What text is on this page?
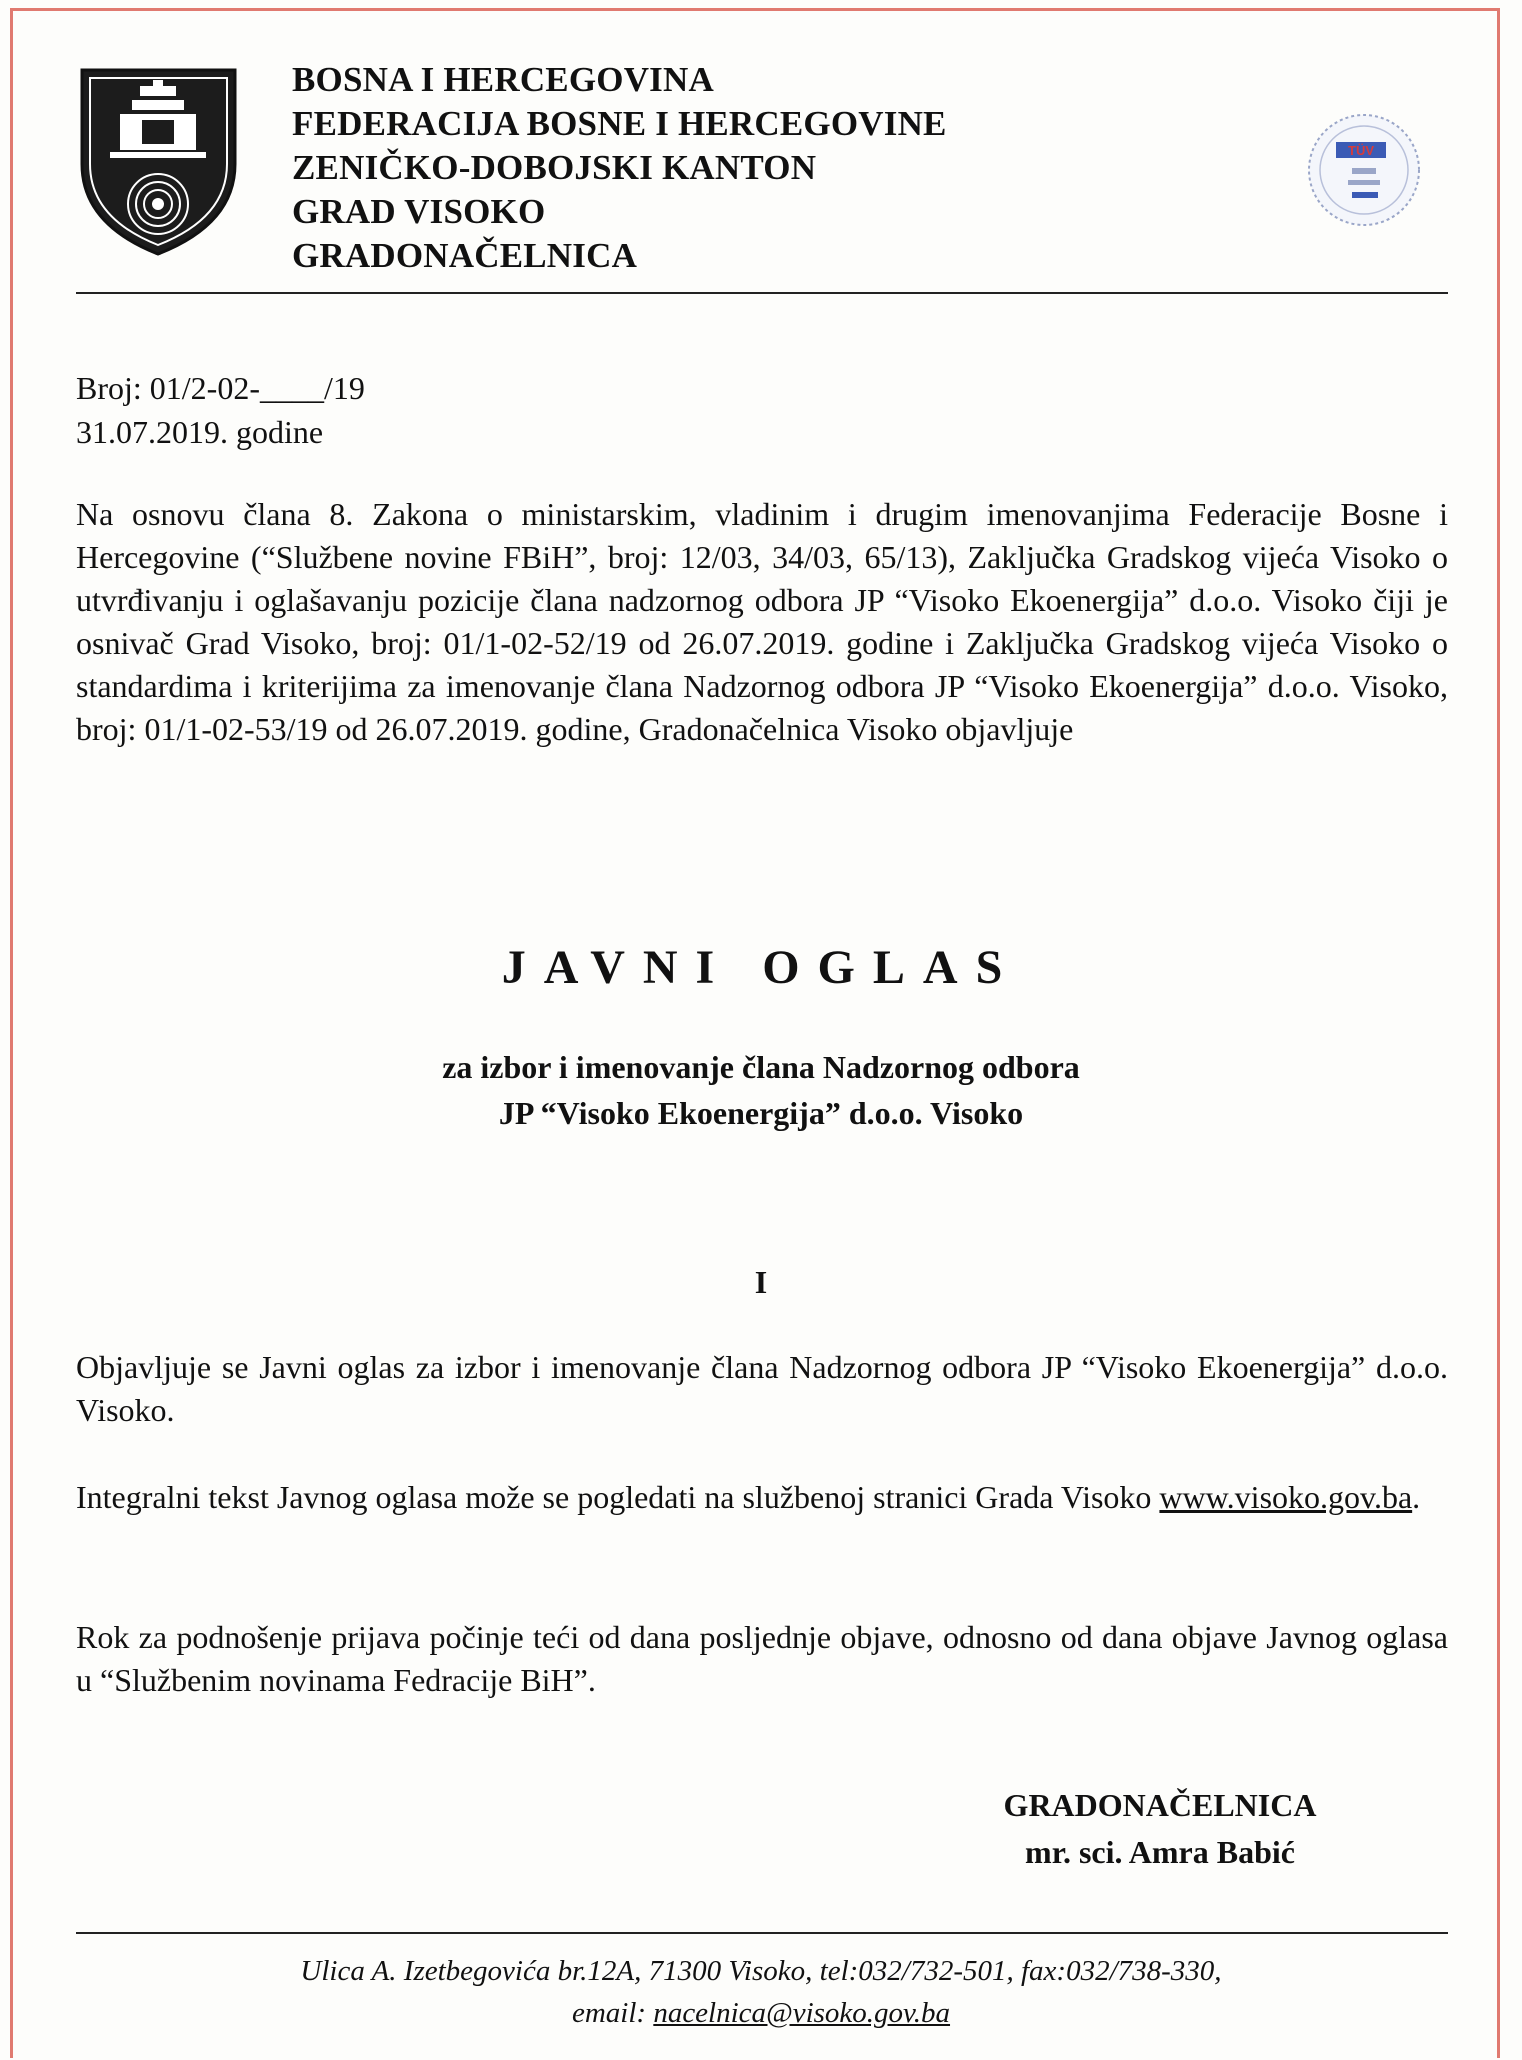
BOSNA I HERCEGOVINA
FEDERACIJA BOSNE I HERCEGOVINE
ZENIČKO-DOBOJSKI KANTON
GRAD VISOKO
GRADONAČELNICA
TÜV
Broj: 01/2-02-____/19
31.07.2019. godine
Na osnovu člana 8. Zakona o ministarskim, vladinim i drugim imenovanjima Federacije Bosne i Hercegovine (“Službene novine FBiH”, broj: 12/03, 34/03, 65/13), Zaključka Gradskog vijeća Visoko o utvrđivanju i oglašavanju pozicije člana nadzornog odbora JP “Visoko Ekoenergija” d.o.o. Visoko čiji je osnivač Grad Visoko, broj: 01/1-02-52/19 od 26.07.2019. godine i Zaključka Gradskog vijeća Visoko o standardima i kriterijima za imenovanje člana Nadzornog odbora JP “Visoko Ekoenergija” d.o.o. Visoko, broj: 01/1-02-53/19 od 26.07.2019. godine, Gradonačelnica Visoko objavljuje
JAVNI OGLAS
za izbor i imenovanje člana Nadzornog odbora
JP “Visoko Ekoenergija” d.o.o. Visoko
I
Objavljuje se Javni oglas za izbor i imenovanje člana Nadzornog odbora JP “Visoko Ekoenergija” d.o.o. Visoko.
Integralni tekst Javnog oglasa može se pogledati na službenoj stranici Grada Visoko www.visoko.gov.ba.
Rok za podnošenje prijava počinje teći od dana posljednje objave, odnosno od dana objave Javnog oglasa u “Službenim novinama Fedracije BiH”.
GRADONAČELNICA
mr. sci. Amra Babić
Ulica A. Izetbegovića br.12A, 71300 Visoko, tel:032/732-501, fax:032/738-330,
email: nacelnica@visoko.gov.ba
